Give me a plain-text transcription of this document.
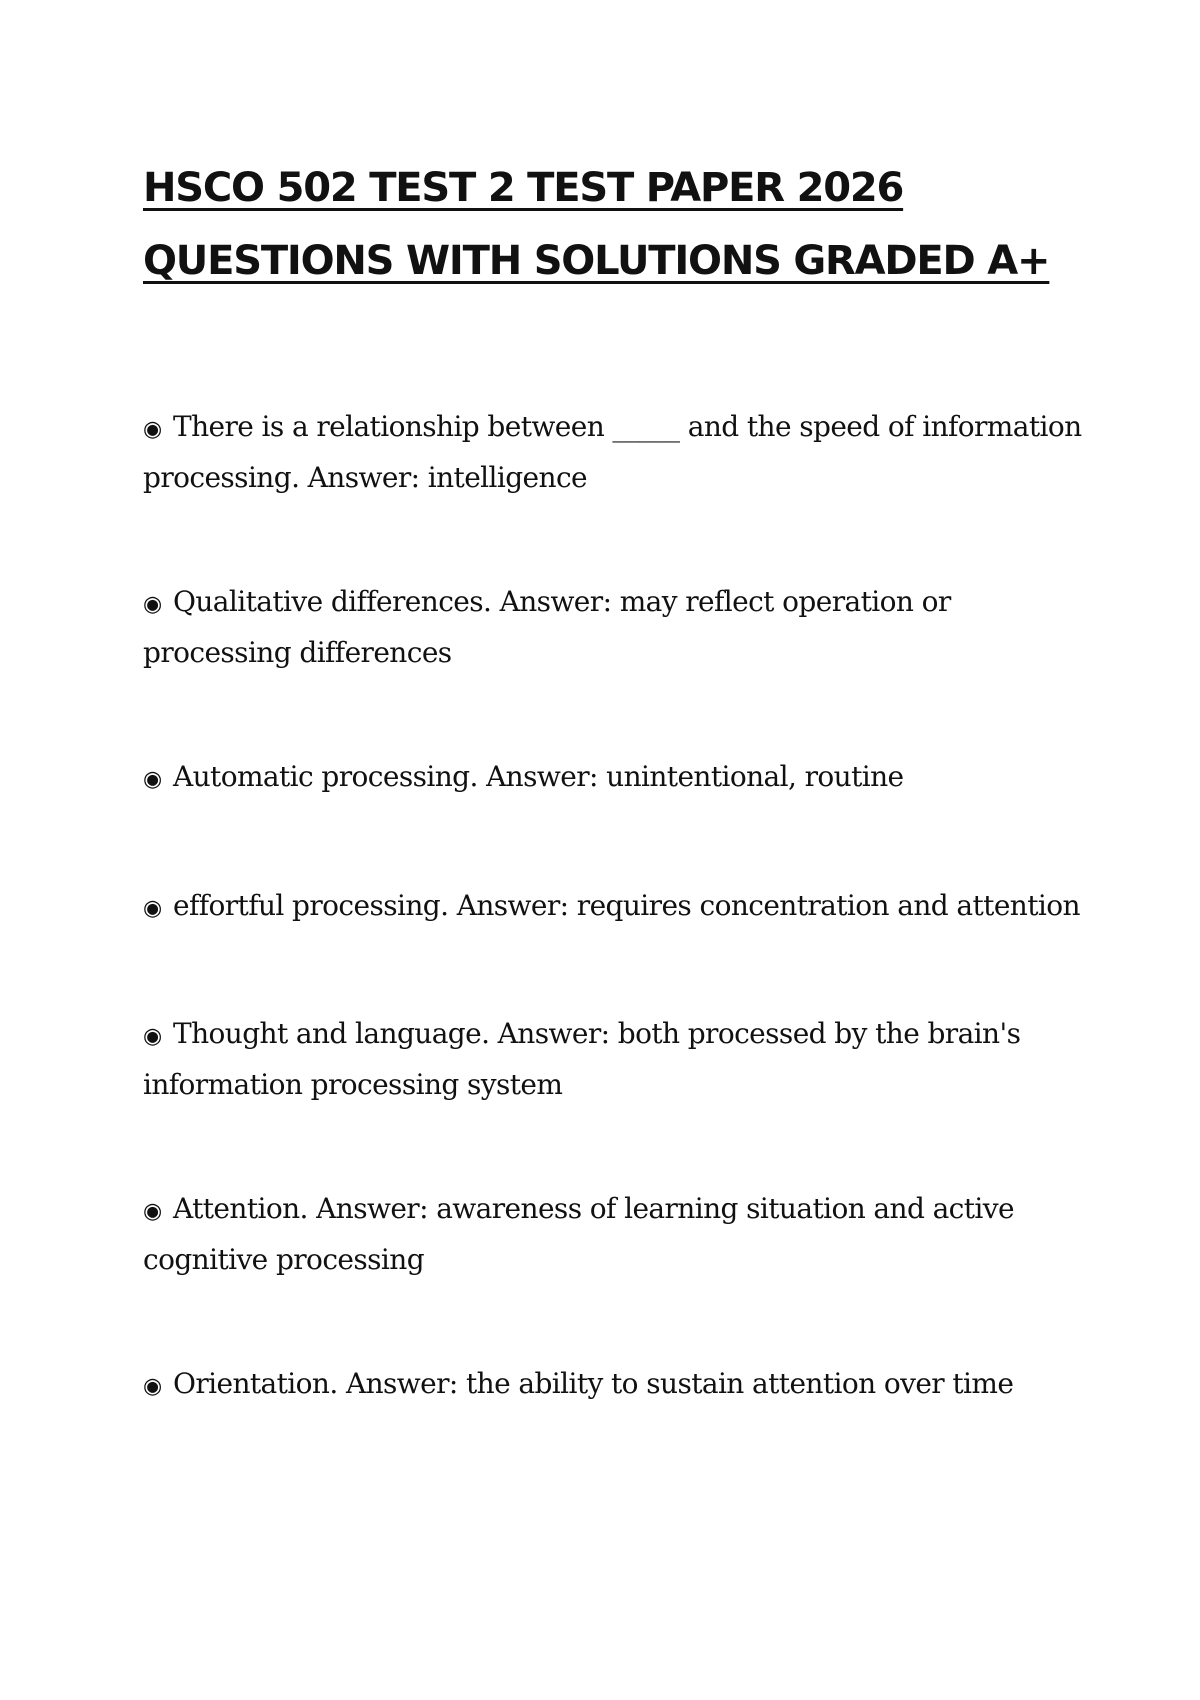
HSCO 502 TEST 2 TEST PAPER 2026
QUESTIONS WITH SOLUTIONS GRADED A+

◉ There is a relationship between _____ and the speed of information processing. Answer: intelligence

◉ Qualitative differences. Answer: may reflect operation or processing differences

◉ Automatic processing. Answer: unintentional, routine

◉ effortful processing. Answer: requires concentration and attention

◉ Thought and language. Answer: both processed by the brain's information processing system

◉ Attention. Answer: awareness of learning situation and active cognitive processing

◉ Orientation. Answer: the ability to sustain attention over time
